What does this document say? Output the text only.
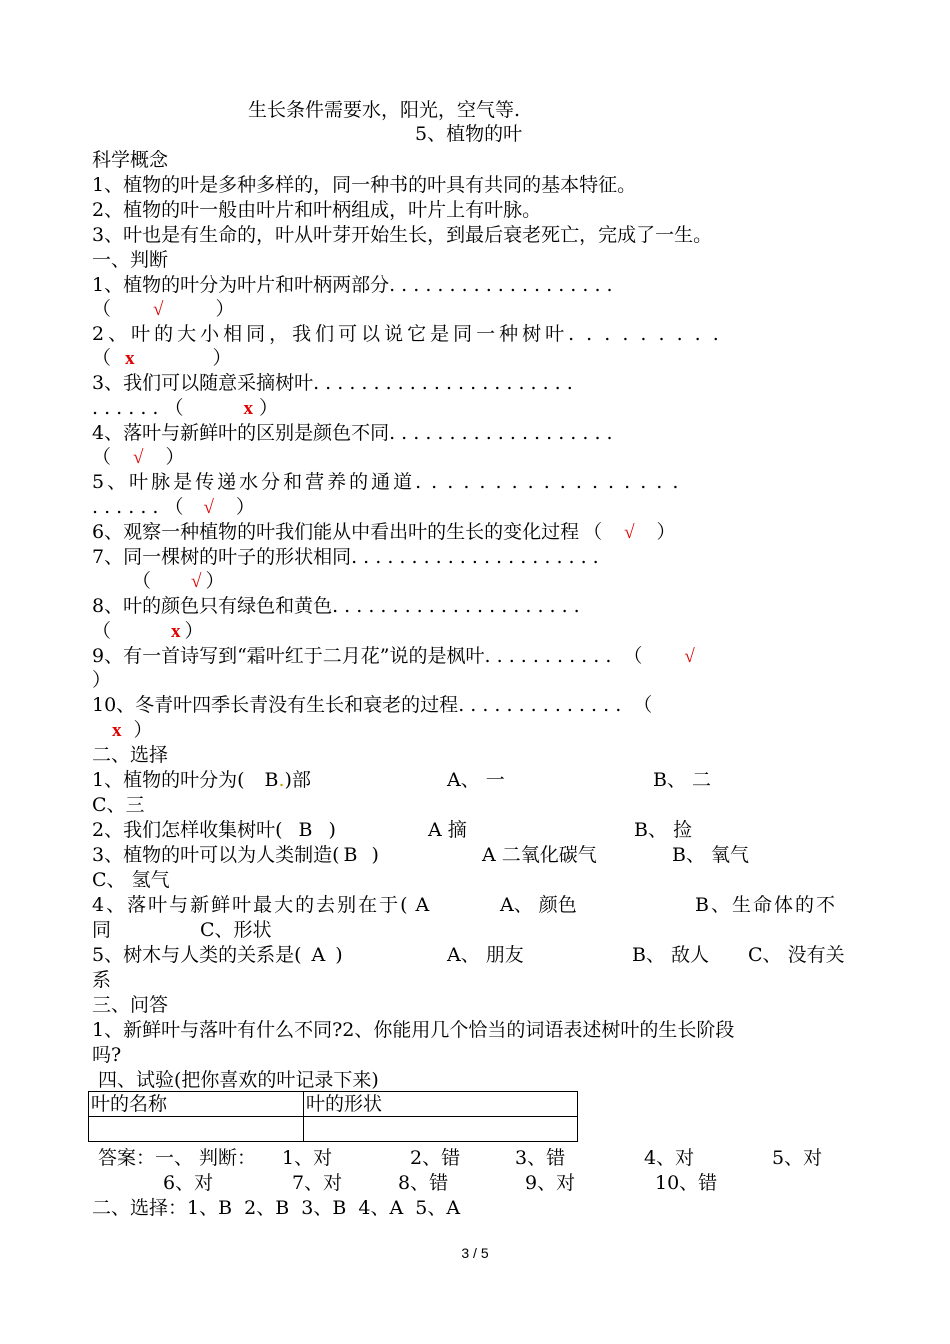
生长条件需要水，阳光，空气等.
5、植物的叶
科学概念
1、植物的叶是多种多样的，同一种书的叶具有共同的基本特征。
2、植物的叶一般由叶片和叶柄组成，叶片上有叶脉。
3、叶也是有生命的，叶从叶芽开始生长，到最后衰老死亡，完成了一生。
一、判断
1、植物的叶分为叶片和叶柄两部分. . . . . . . . . . . . . . . . . . .
（ √	）
2、叶的大小相同，我们可以说它是同一种树叶. . . . . . . . .
（ x	）
3、我们可以随意采摘树叶. . . . . . . . . . . . . . . . . . . . . .
. . . . . . （	x ）
4、落叶与新鲜叶的区别是颜色不同. . . . . . . . . . . . . . . . . . .
（ √ ）
5、叶脉是传递水分和营养的通道. . . . . . . . . . . . . . . . .
. . . . . . （ √ ）
6、观察一种植物的叶我们能从中看出叶的生长的变化过程 （ √ ）
7、同一棵树的叶子的形状相同. . . . . . . . . . . . . . . . . . . . .
（ √ ）
8、叶的颜色只有绿色和黄色. . . . . . . . . . . . . . . . . . . . .
（	x ）
9、有一首诗写到“霜叶红于二月花”说的是枫叶. . . . . . . . . . . （ √
）
10、冬青叶四季长青没有生长和衰老的过程. . . . . . . . . . . . . . （
x ）
二、选择
1、植物的叶分为( B.)部	A、 一	B、 二
C、三
2、我们怎样收集树叶( B )	A 摘	B、 捡
3、植物的叶可以为人类制造( B )	A 二氧化碳气	B、 氧气
C、 氢气
4、落叶与新鲜叶最大的去别在于( A	A、 颜色	B、生命体的不
同	C、形状
5、树木与人类的关系是( A )	A、 朋友	B、 敌人 C、 没有关
系
三、问答
1、新鲜叶与落叶有什么不同?2、你能用几个恰当的词语表述树叶的生长阶段
吗?
四、试验(把你喜欢的叶记录下来)
叶的名称	叶的形状

答案：一、 判断： 1、对	2、错	3、错	4、对	5、对
6、对	7、对	8、错	9、对	10、错
二、选择：1、B  2、B  3、B  4、A  5、A
3 / 5
